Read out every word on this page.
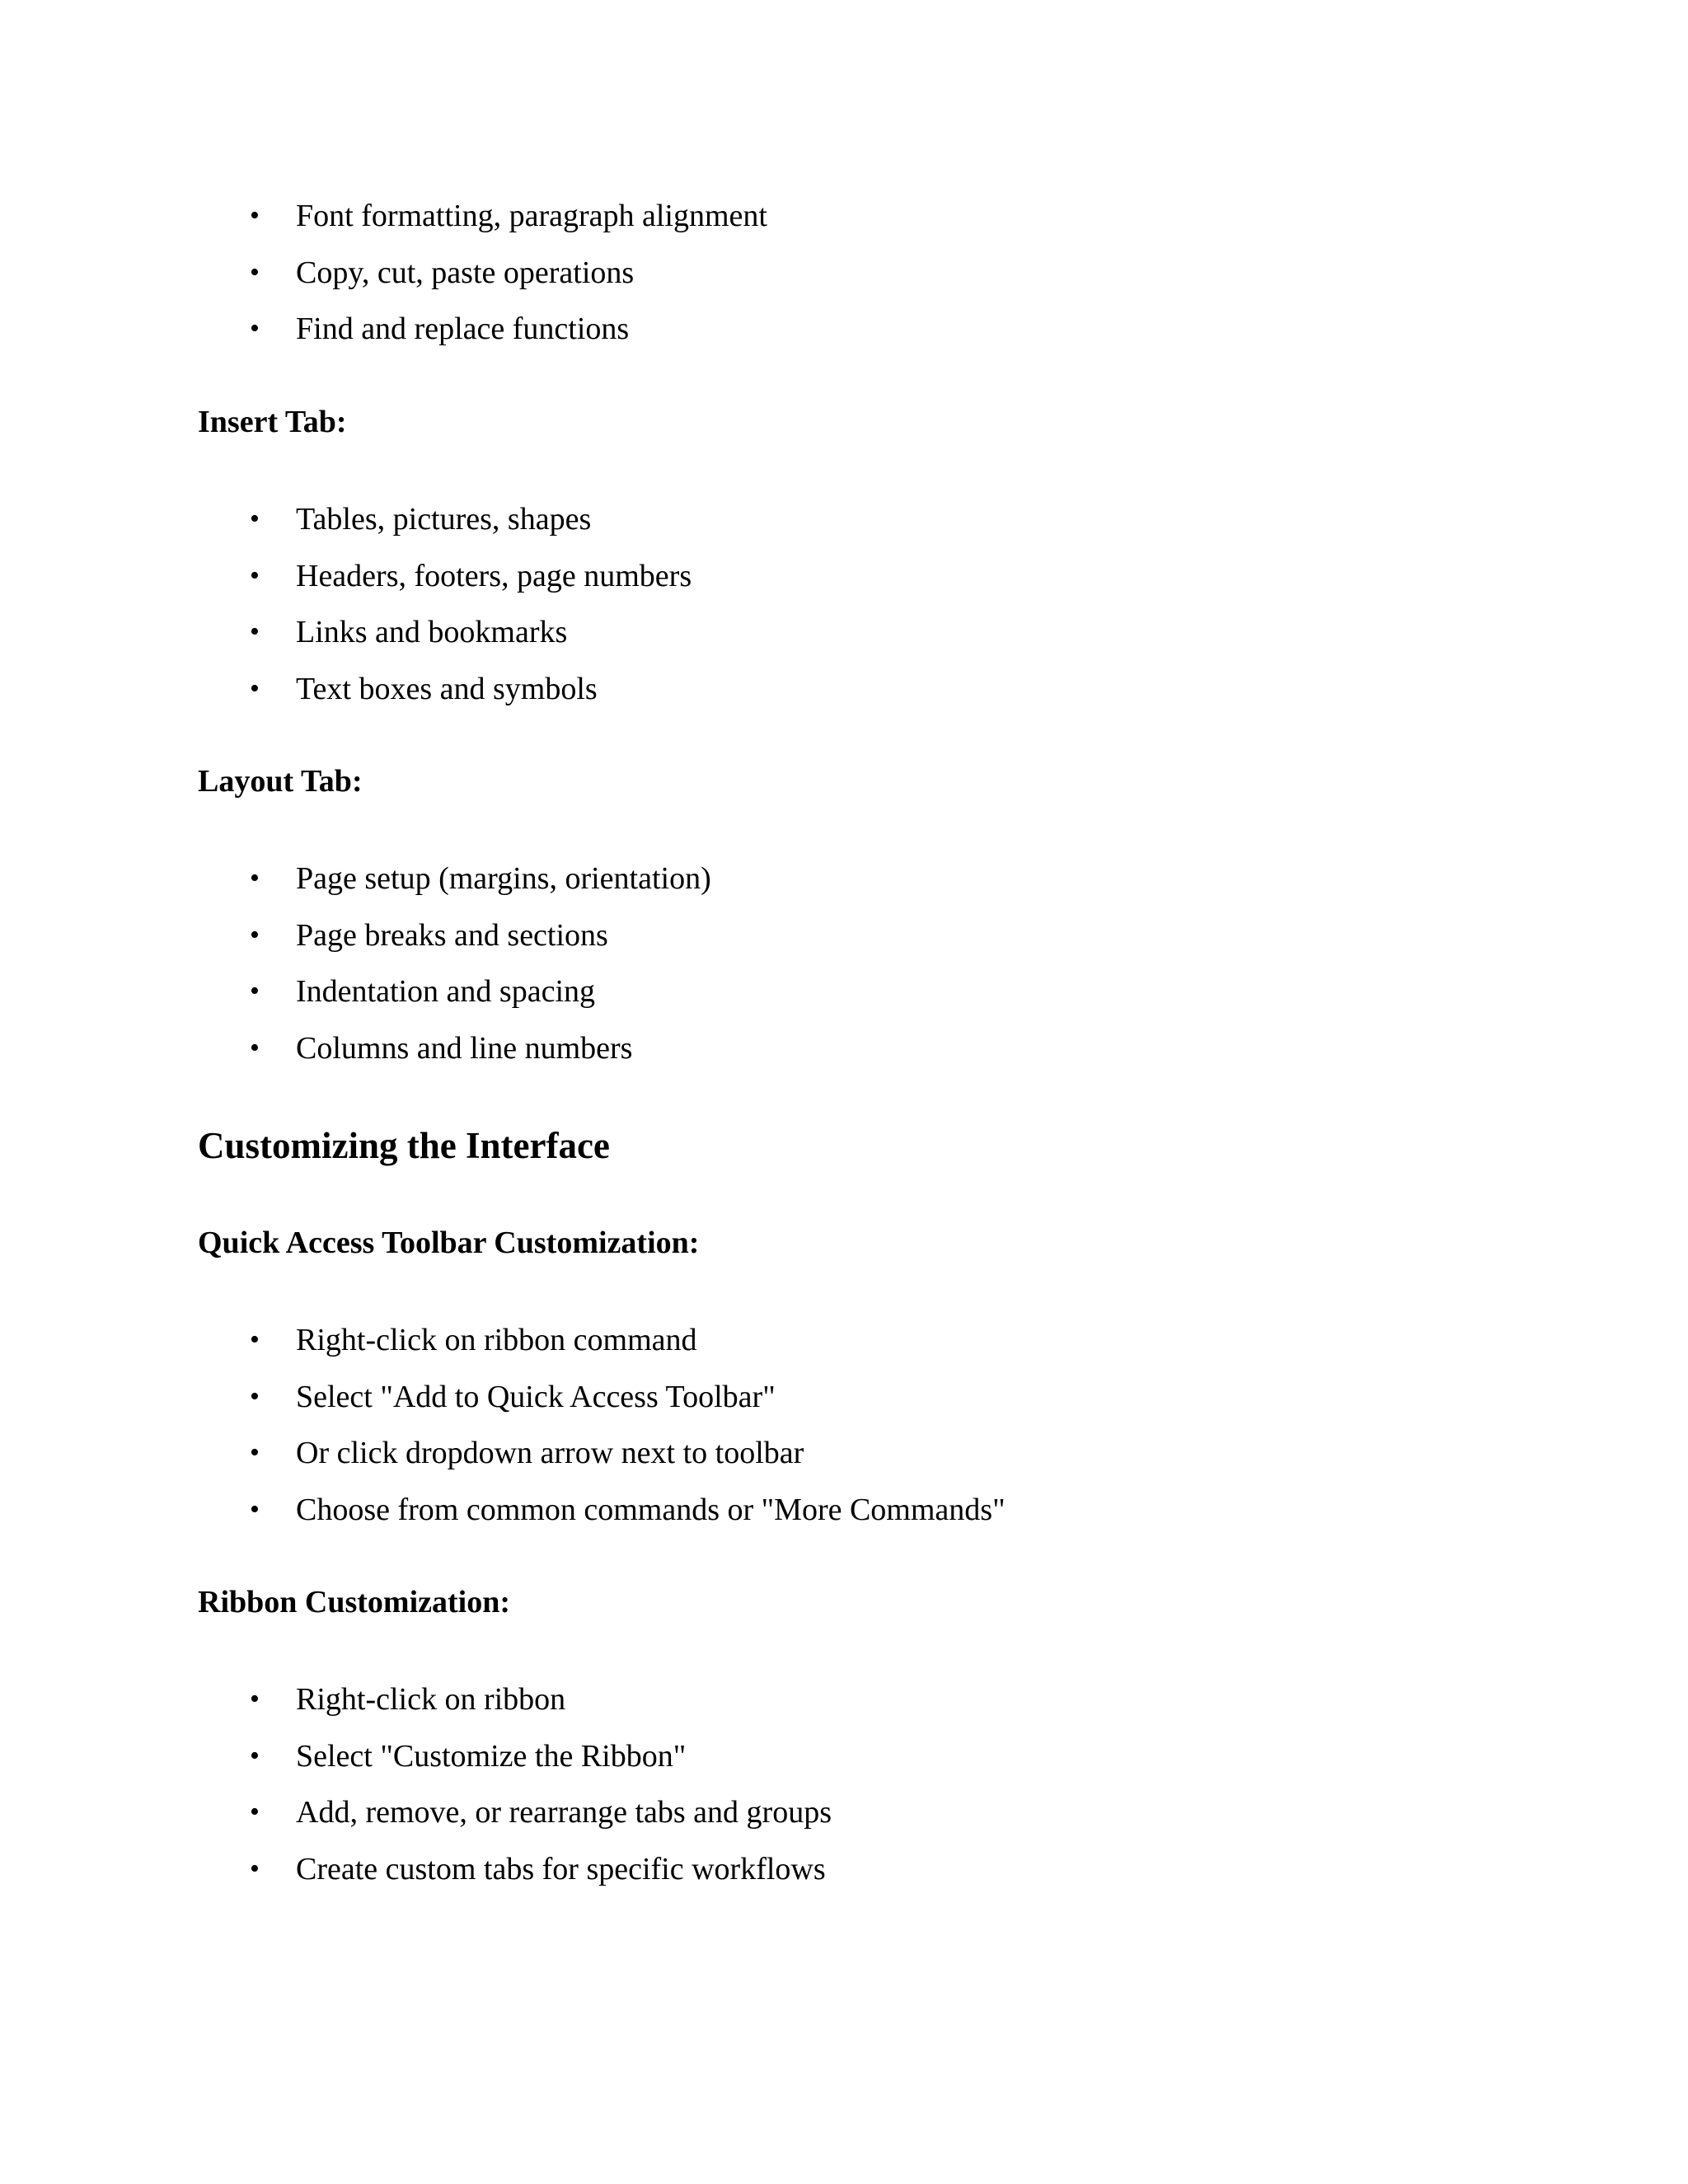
• Font formatting, paragraph alignment
• Copy, cut, paste operations
• Find and replace functions
Insert Tab:
• Tables, pictures, shapes
• Headers, footers, page numbers
• Links and bookmarks
• Text boxes and symbols
Layout Tab:
• Page setup (margins, orientation)
• Page breaks and sections
• Indentation and spacing
• Columns and line numbers
Customizing the Interface
Quick Access Toolbar Customization:
• Right-click on ribbon command
• Select "Add to Quick Access Toolbar"
• Or click dropdown arrow next to toolbar
• Choose from common commands or "More Commands"
Ribbon Customization:
• Right-click on ribbon
• Select "Customize the Ribbon"
• Add, remove, or rearrange tabs and groups
• Create custom tabs for specific workflows
